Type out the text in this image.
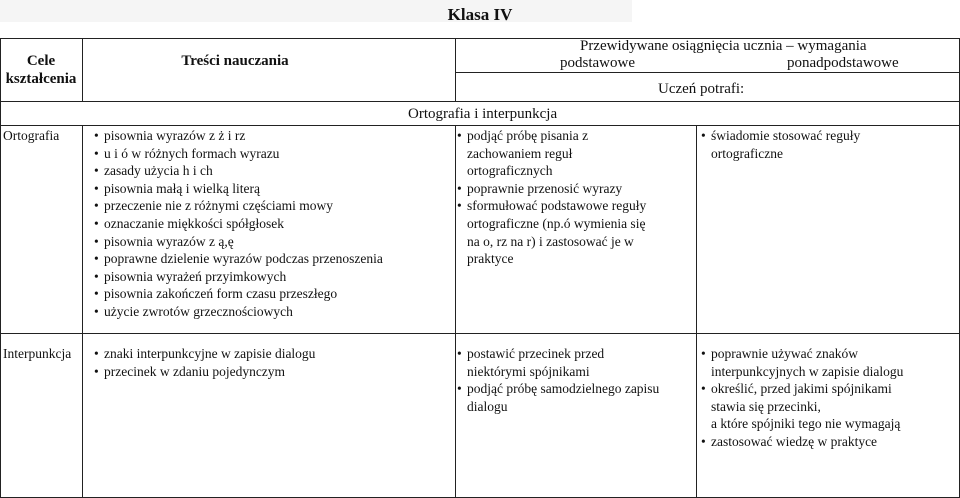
Klasa IV
Cele kształcenia
Treści nauczania
Przewidywane osiągnięcia ucznia – wymagania
podstawowe	ponadpodstawowe
Uczeń potrafi:
Ortografia i interpunkcja
Ortografia	• pisownia wyrazów z ż i rz
• u i ó w różnych formach wyrazu
• zasady użycia h i ch
• pisownia małą i wielką literą
• przeczenie nie z różnymi częściami mowy
• oznaczanie miękkości spółgłosek
• pisownia wyrazów z ą,ę
• poprawne dzielenie wyrazów podczas przenoszenia
• pisownia wyrażeń przyimkowych
• pisownia zakończeń form czasu przeszłego
• użycie zwrotów grzecznościowych
• podjąć próbę pisania z
zachowaniem reguł
ortograficznych
• poprawnie przenosić wyrazy
• sformułować podstawowe reguły
ortograficzne (np.ó wymienia się
na o, rz na r) i zastosować je w
praktyce
• świadomie stosować reguły
ortograficzne
Interpunkcja • znaki interpunkcyjne w zapisie dialogu
• przecinek w zdaniu pojedynczym
• postawić przecinek przed
niektórymi spójnikami
• podjąć próbę samodzielnego zapisu
dialogu
• poprawnie używać znaków
interpunkcyjnych w zapisie dialogu
• określić, przed jakimi spójnikami
stawia się przecinki,
a które spójniki tego nie wymagają
• zastosować wiedzę w praktyce
